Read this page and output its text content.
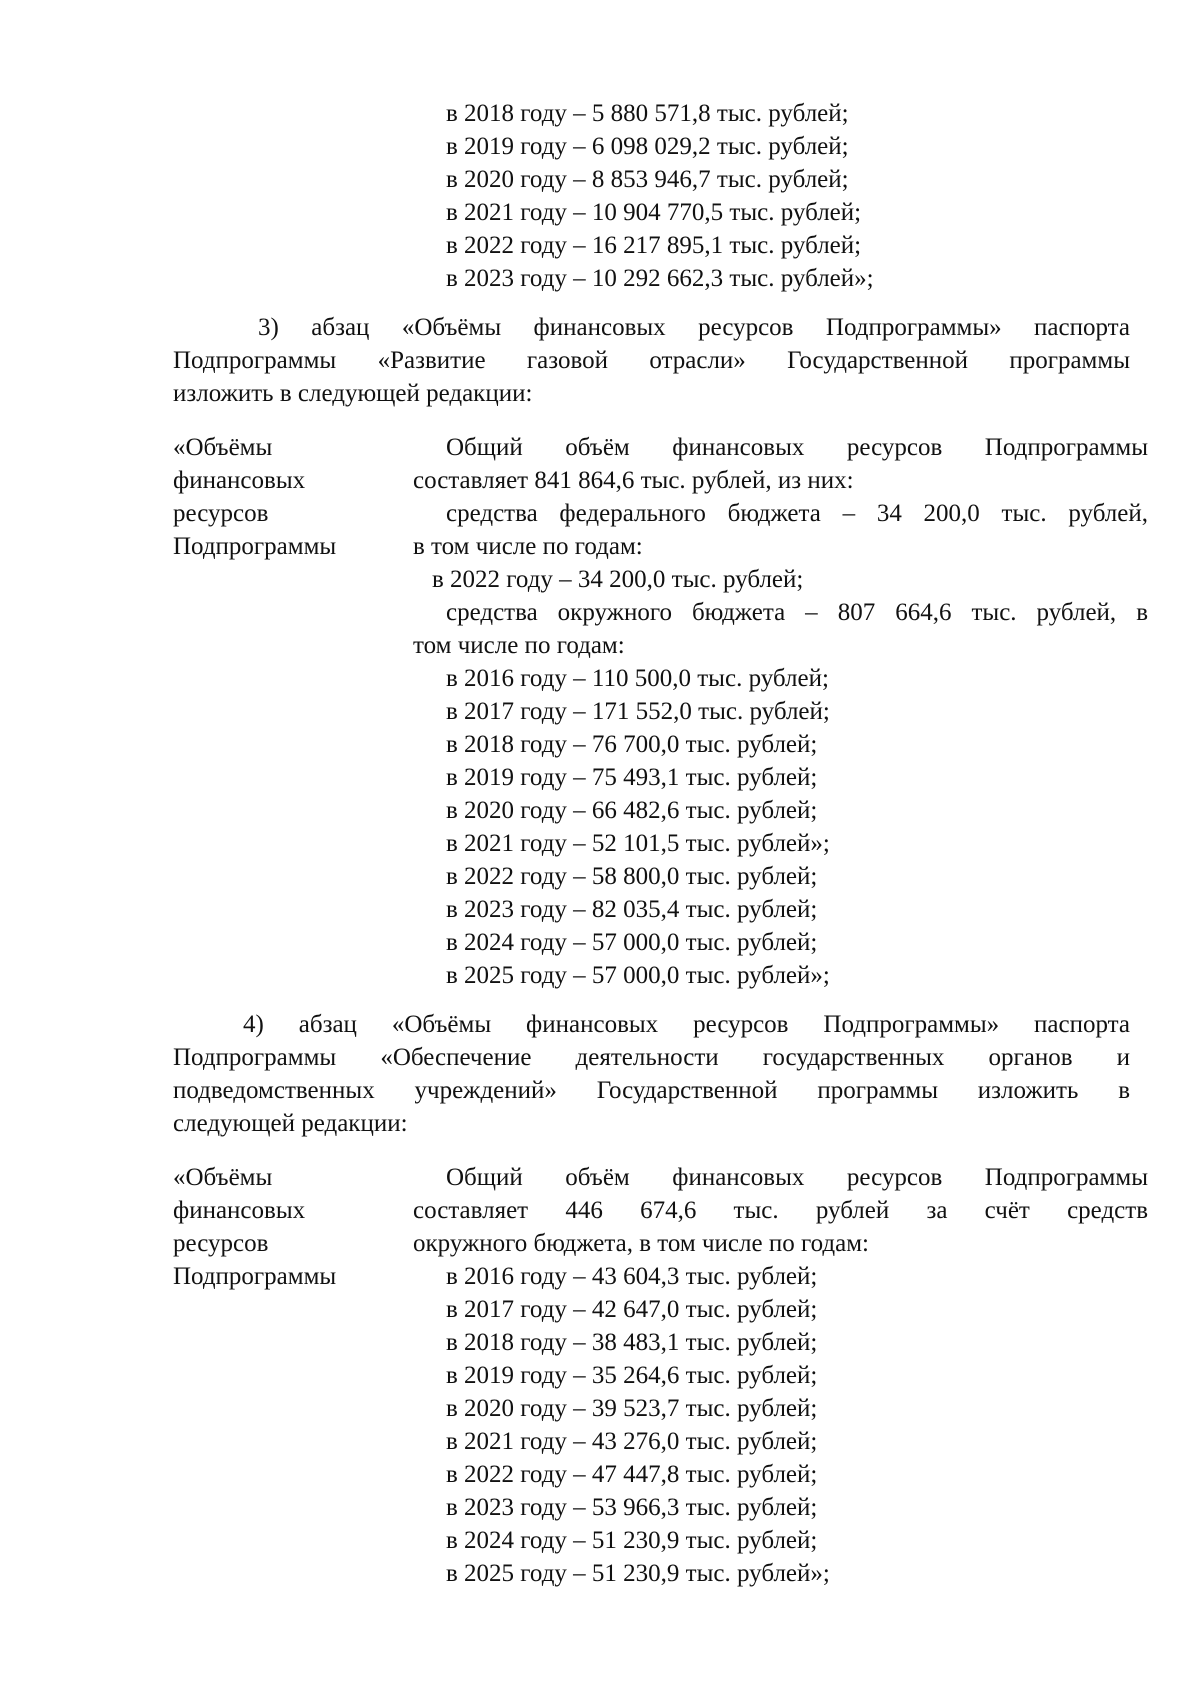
в 2018 году – 5 880 571,8 тыс. рублей;
в 2019 году – 6 098 029,2 тыс. рублей;
в 2020 году – 8 853 946,7 тыс. рублей;
в 2021 году – 10 904 770,5 тыс. рублей;
в 2022 году – 16 217 895,1 тыс. рублей;
в 2023 году – 10 292 662,3 тыс. рублей»;
3) абзац «Объёмы финансовых ресурсов Подпрограммы» паспорта
Подпрограммы «Развитие газовой отрасли» Государственной программы
изложить в следующей редакции:
«Объёмы
финансовых
ресурсов
Подпрограммы
Общий объём финансовых ресурсов Подпрограммы
составляет 841 864,6 тыс. рублей, из них:
средства федерального бюджета – 34 200,0 тыс. рублей,
в том числе по годам:
в 2022 году – 34 200,0 тыс. рублей;
средства окружного бюджета – 807 664,6 тыс. рублей, в
том числе по годам:
в 2016 году – 110 500,0 тыс. рублей;
в 2017 году – 171 552,0 тыс. рублей;
в 2018 году – 76 700,0 тыс. рублей;
в 2019 году – 75 493,1 тыс. рублей;
в 2020 году – 66 482,6 тыс. рублей;
в 2021 году – 52 101,5 тыс. рублей»;
в 2022 году – 58 800,0 тыс. рублей;
в 2023 году – 82 035,4 тыс. рублей;
в 2024 году – 57 000,0 тыс. рублей;
в 2025 году – 57 000,0 тыс. рублей»;
4) абзац «Объёмы финансовых ресурсов Подпрограммы» паспорта
Подпрограммы «Обеспечение деятельности государственных органов и
подведомственных учреждений» Государственной программы изложить в
следующей редакции:
«Объёмы
финансовых
ресурсов
Подпрограммы
Общий объём финансовых ресурсов Подпрограммы
составляет 446 674,6 тыс. рублей за счёт средств
окружного бюджета, в том числе по годам:
в 2016 году – 43 604,3 тыс. рублей;
в 2017 году – 42 647,0 тыс. рублей;
в 2018 году – 38 483,1 тыс. рублей;
в 2019 году – 35 264,6 тыс. рублей;
в 2020 году – 39 523,7 тыс. рублей;
в 2021 году – 43 276,0 тыс. рублей;
в 2022 году – 47 447,8 тыс. рублей;
в 2023 году – 53 966,3 тыс. рублей;
в 2024 году – 51 230,9 тыс. рублей;
в 2025 году – 51 230,9 тыс. рублей»;
